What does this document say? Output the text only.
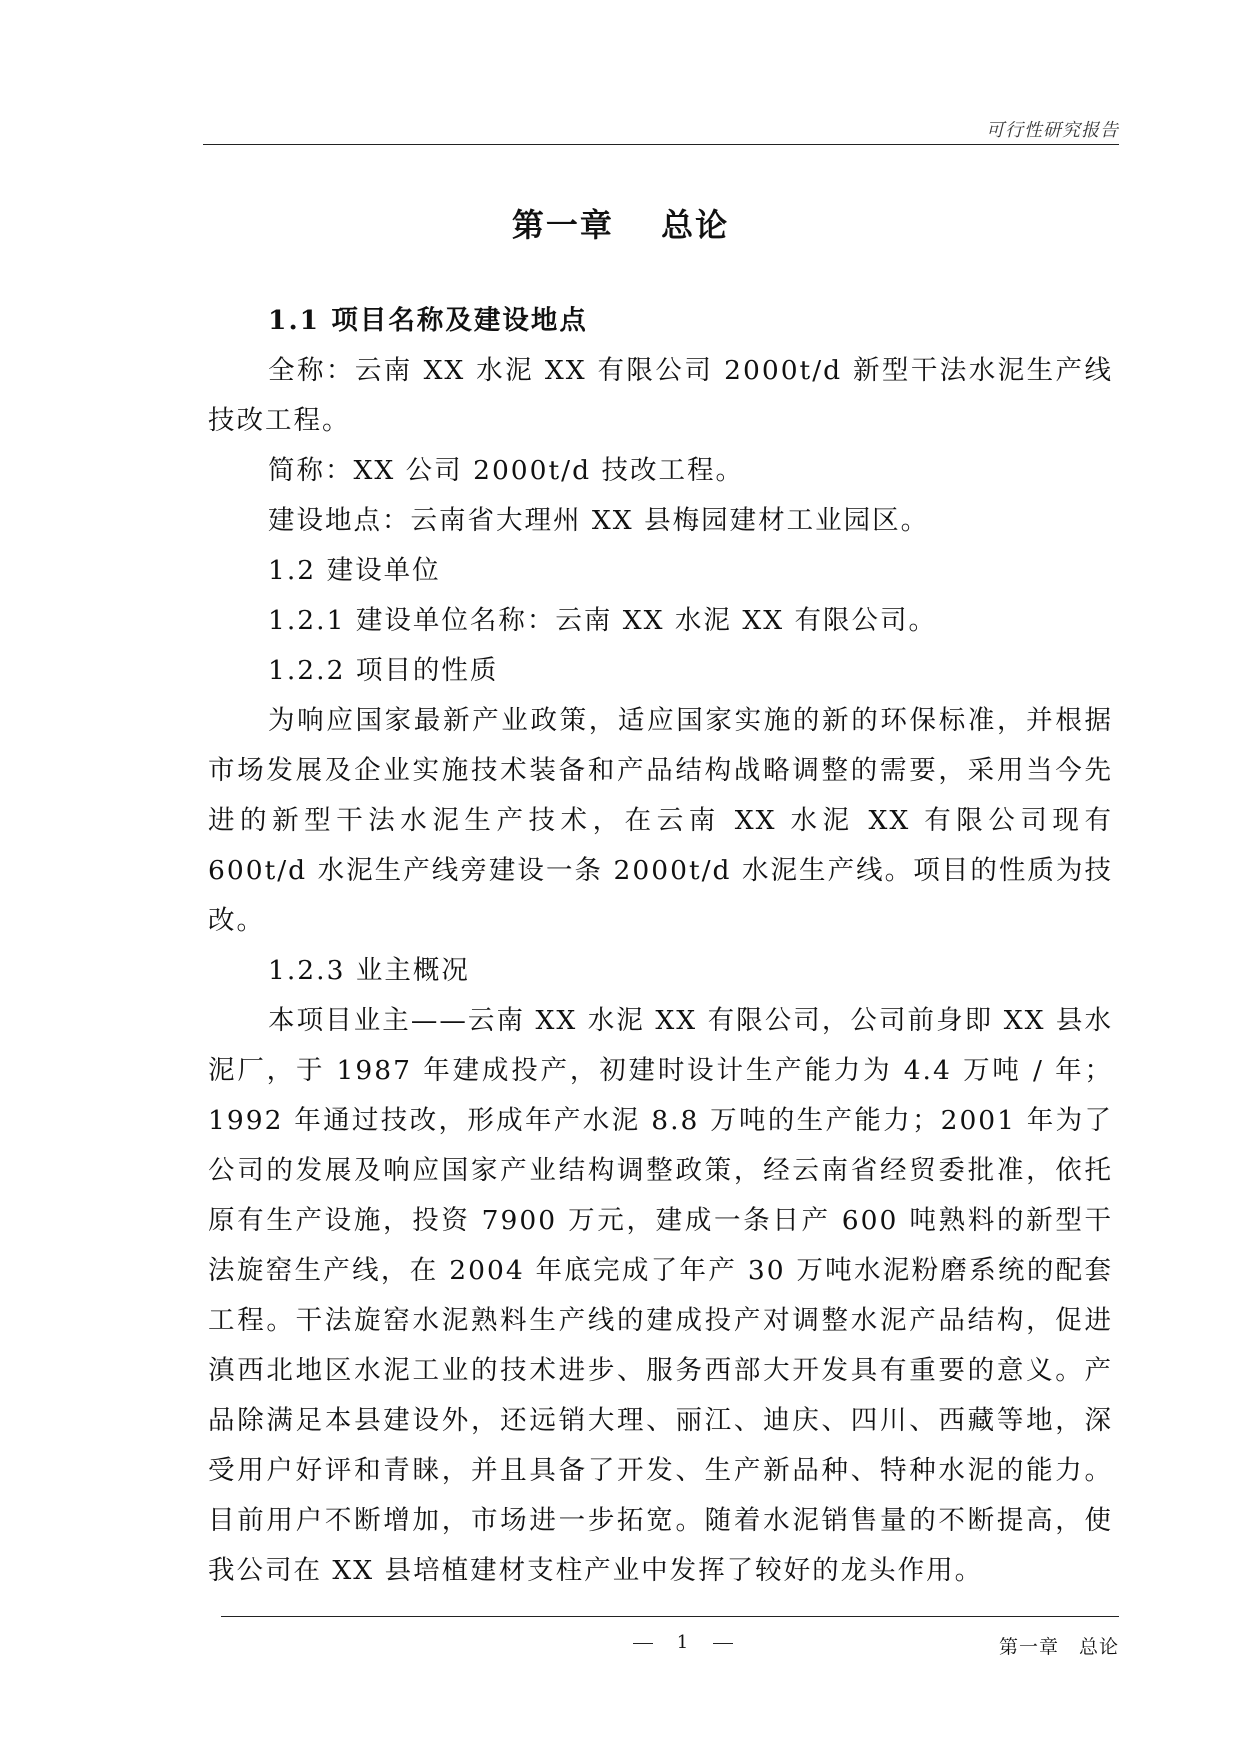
可行性研究报告
第一章　 总论

1.1 项目名称及建设地点

全称：云南 XX 水泥 XX 有限公司 2000t/d 新型干法水泥生产线技改工程。

简称：XX 公司 2000t/d 技改工程。

建设地点：云南省大理州 XX 县梅园建材工业园区。

1.2 建设单位

1.2.1 建设单位名称：云南 XX 水泥 XX 有限公司。

1.2.2 项目的性质

为响应国家最新产业政策，适应国家实施的新的环保标准，并根据市场发展及企业实施技术装备和产品结构战略调整的需要，采用当今先进的新型干法水泥生产技术，在云南 XX 水泥 XX 有限公司现有 600t/d 水泥生产线旁建设一条 2000t/d 水泥生产线。项目的性质为技改。

1.2.3 业主概况

本项目业主——云南 XX 水泥 XX 有限公司，公司前身即 XX 县水泥厂，于 1987 年建成投产，初建时设计生产能力为 4.4 万吨 / 年；1992 年通过技改，形成年产水泥 8.8 万吨的生产能力；2001 年为了公司的发展及响应国家产业结构调整政策，经云南省经贸委批准，依托原有生产设施，投资 7900 万元，建成一条日产 600 吨熟料的新型干法旋窑生产线，在 2004 年底完成了年产 30 万吨水泥粉磨系统的配套工程。干法旋窑水泥熟料生产线的建成投产对调整水泥产品结构，促进滇西北地区水泥工业的技术进步、服务西部大开发具有重要的意义。产品除满足本县建设外，还远销大理、丽江、迪庆、四川、西藏等地，深受用户好评和青睐，并且具备了开发、生产新品种、特种水泥的能力。目前用户不断增加，市场进一步拓宽。随着水泥销售量的不断提高，使我公司在 XX 县培植建材支柱产业中发挥了较好的龙头作用。

1	第一章　总论
